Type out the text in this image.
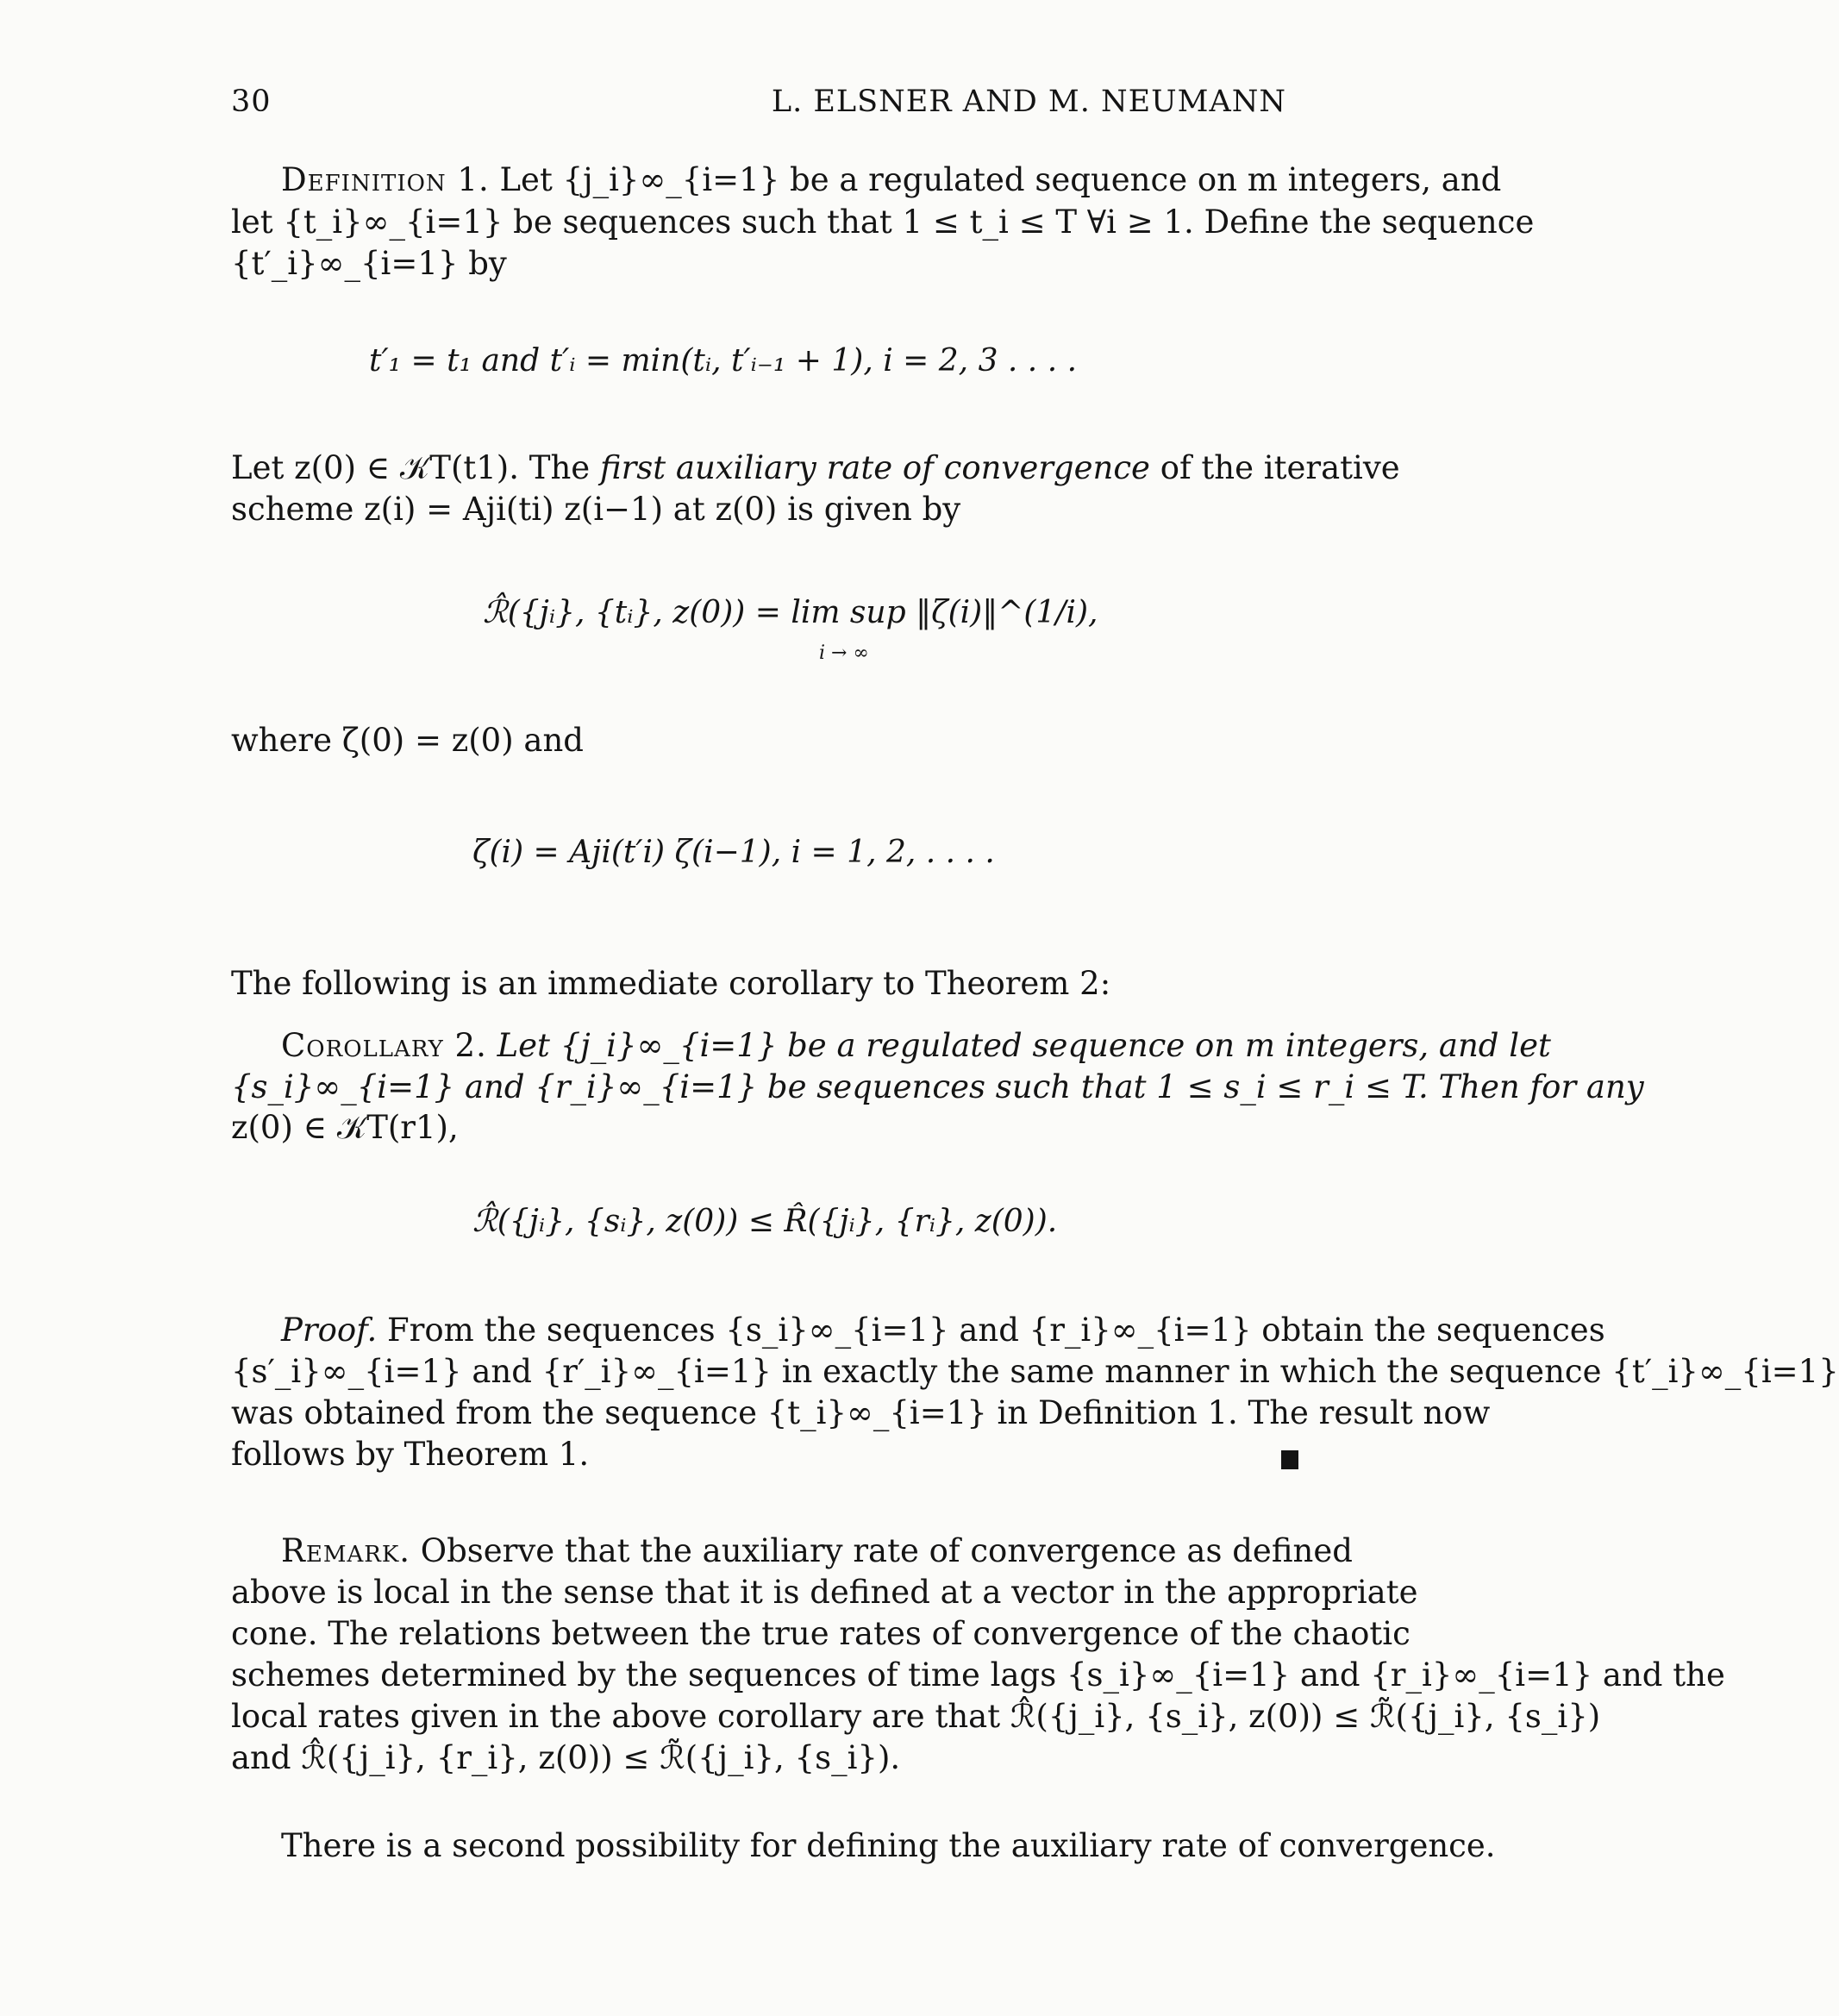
30	L. ELSNER AND M. NEUMANN
Definition 1. Let {j_i}∞_{i=1} be a regulated sequence on m integers, and
let {t_i}∞_{i=1} be sequences such that 1 ≤ t_i ≤ T ∀i ≥ 1. Define the sequence
{t′_i}∞_{i=1} by
t′₁ = t₁ and t′ᵢ = min(tᵢ, t′ᵢ₋₁ + 1), i = 2, 3 . . . .
Let z(0) ∈ 𝒦T(t1). The first auxiliary rate of convergence of the iterative
scheme z(i) = Aji(ti) z(i−1) at z(0) is given by
ℛ̂({jᵢ}, {tᵢ}, z(0)) = lim sup ‖ζ(i)‖^(1/i),
i → ∞
where ζ(0) = z(0) and
ζ(i) = Aji(t′i) ζ(i−1), i = 1, 2, . . . .
The following is an immediate corollary to Theorem 2:
Corollary 2. Let {j_i}∞_{i=1} be a regulated sequence on m integers, and let
{s_i}∞_{i=1} and {r_i}∞_{i=1} be sequences such that 1 ≤ s_i ≤ r_i ≤ T. Then for any
z(0) ∈ 𝒦T(r1),
ℛ̂({jᵢ}, {sᵢ}, z(0)) ≤ R̂({jᵢ}, {rᵢ}, z(0)).
Proof. From the sequences {s_i}∞_{i=1} and {r_i}∞_{i=1} obtain the sequences
{s′_i}∞_{i=1} and {r′_i}∞_{i=1} in exactly the same manner in which the sequence {t′_i}∞_{i=1}
was obtained from the sequence {t_i}∞_{i=1} in Definition 1. The result now
follows by Theorem 1.
Remark. Observe that the auxiliary rate of convergence as defined
above is local in the sense that it is defined at a vector in the appropriate
cone. The relations between the true rates of convergence of the chaotic
schemes determined by the sequences of time lags {s_i}∞_{i=1} and {r_i}∞_{i=1} and the
local rates given in the above corollary are that ℛ̂({j_i}, {s_i}, z(0)) ≤ ℛ̃({j_i}, {s_i})
and ℛ̂({j_i}, {r_i}, z(0)) ≤ ℛ̃({j_i}, {s_i}).
There is a second possibility for defining the auxiliary rate of convergence.
